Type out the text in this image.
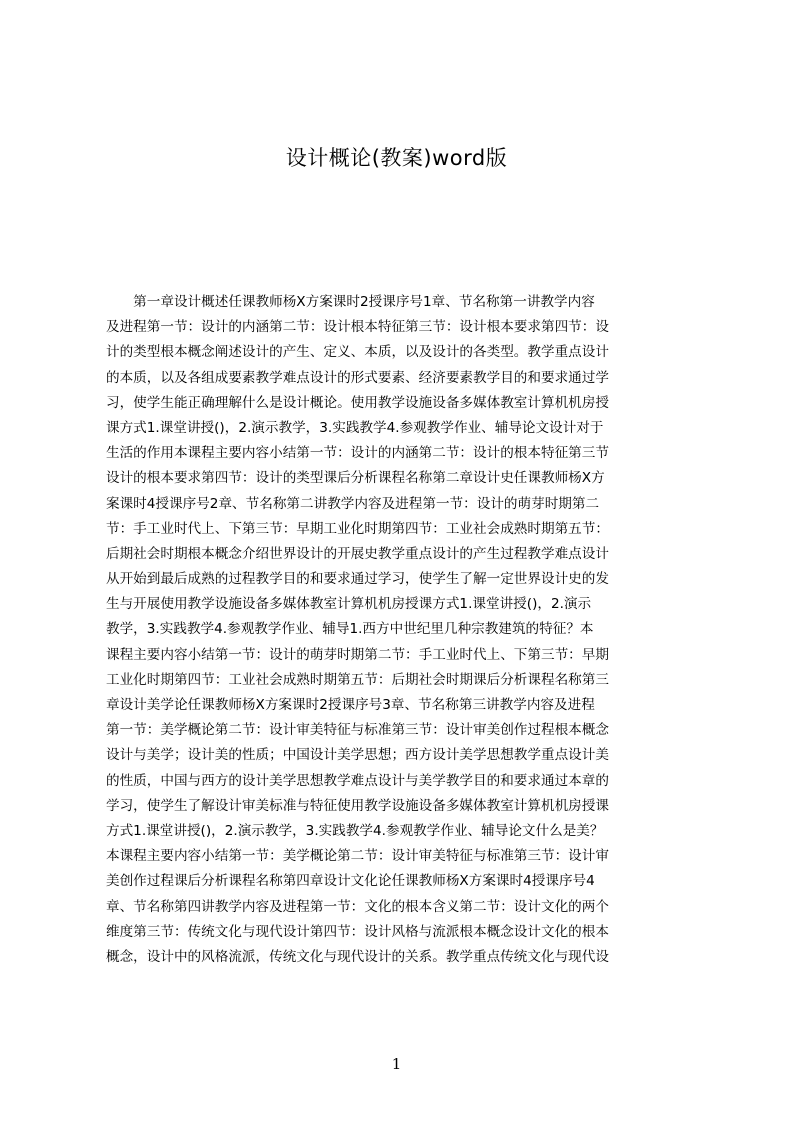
设计概论(教案)word版
　　第一章设计概述任课教师杨X方案课时2授课序号1章、节名称第一讲教学内容
及进程第一节：设计的内涵第二节：设计根本特征第三节：设计根本要求第四节：设
计的类型根本概念阐述设计的产生、定义、本质，以及设计的各类型。教学重点设计
的本质，以及各组成要素教学难点设计的形式要素、经济要素教学目的和要求通过学
习，使学生能正确理解什么是设计概论。使用教学设施设备多媒体教室计算机机房授
课方式1.课堂讲授()，2.演示教学，3.实践教学4.参观教学作业、辅导论文设计对于
生活的作用本课程主要内容小结第一节：设计的内涵第二节：设计的根本特征第三节
设计的根本要求第四节：设计的类型课后分析课程名称第二章设计史任课教师杨X方
案课时4授课序号2章、节名称第二讲教学内容及进程第一节：设计的萌芽时期第二
节：手工业时代上、下第三节：早期工业化时期第四节：工业社会成熟时期第五节：
后期社会时期根本概念介绍世界设计的开展史教学重点设计的产生过程教学难点设计
从开始到最后成熟的过程教学目的和要求通过学习，使学生了解一定世界设计史的发
生与开展使用教学设施设备多媒体教室计算机机房授课方式1.课堂讲授()，2.演示
教学，3.实践教学4.参观教学作业、辅导1.西方中世纪里几种宗教建筑的特征？本
课程主要内容小结第一节：设计的萌芽时期第二节：手工业时代上、下第三节：早期
工业化时期第四节：工业社会成熟时期第五节：后期社会时期课后分析课程名称第三
章设计美学论任课教师杨X方案课时2授课序号3章、节名称第三讲教学内容及进程
第一节：美学概论第二节：设计审美特征与标准第三节：设计审美创作过程根本概念
设计与美学；设计美的性质；中国设计美学思想；西方设计美学思想教学重点设计美
的性质，中国与西方的设计美学思想教学难点设计与美学教学目的和要求通过本章的
学习，使学生了解设计审美标准与特征使用教学设施设备多媒体教室计算机机房授课
方式1.课堂讲授()，2.演示教学，3.实践教学4.参观教学作业、辅导论文什么是美？
本课程主要内容小结第一节：美学概论第二节：设计审美特征与标准第三节：设计审
美创作过程课后分析课程名称第四章设计文化论任课教师杨X方案课时4授课序号4
章、节名称第四讲教学内容及进程第一节：文化的根本含义第二节：设计文化的两个
维度第三节：传统文化与现代设计第四节：设计风格与流派根本概念设计文化的根本
概念，设计中的风格流派，传统文化与现代设计的关系。教学重点传统文化与现代设
1
